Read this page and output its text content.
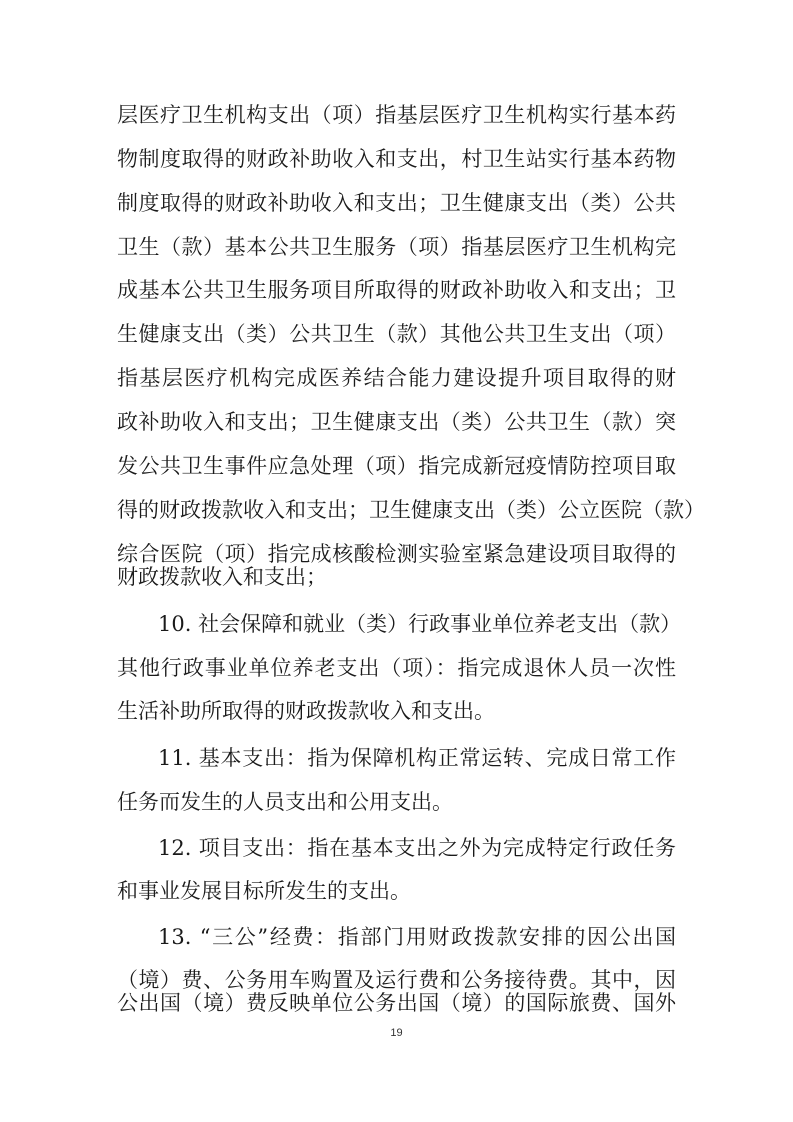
层医疗卫生机构支出（项）指基层医疗卫生机构实行基本药
物制度取得的财政补助收入和支出，村卫生站实行基本药物
制度取得的财政补助收入和支出；卫生健康支出（类）公共
卫生（款）基本公共卫生服务（项）指基层医疗卫生机构完
成基本公共卫生服务项目所取得的财政补助收入和支出；卫
生健康支出（类）公共卫生（款）其他公共卫生支出（项）
指基层医疗机构完成医养结合能力建设提升项目取得的财
政补助收入和支出；卫生健康支出（类）公共卫生（款）突
发公共卫生事件应急处理（项）指完成新冠疫情防控项目取
得的财政拨款收入和支出；卫生健康支出（类）公立医院（款）
综合医院（项）指完成核酸检测实验室紧急建设项目取得的
财政拨款收入和支出；
10. 社会保障和就业（类）行政事业单位养老支出（款）
其他行政事业单位养老支出（项）：指完成退休人员一次性
生活补助所取得的财政拨款收入和支出。
11. 基本支出：指为保障机构正常运转、完成日常工作
任务而发生的人员支出和公用支出。
12. 项目支出：指在基本支出之外为完成特定行政任务
和事业发展目标所发生的支出。
13. “三公”经费：指部门用财政拨款安排的因公出国
（境）费、公务用车购置及运行费和公务接待费。其中，因
公出国（境）费反映单位公务出国（境）的国际旅费、国外
19
